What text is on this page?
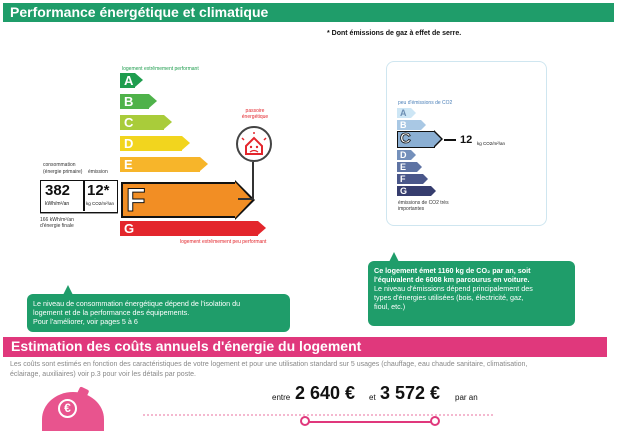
Performance énergétique et climatique
* Dont émissions de gaz à effet de serre.
logement extrêmement performant
A
B
C
D
E
F
G
logement extrêmement peu performant
consommation
(énergie primaire) émission
382
kWh/m²/an
12*
kg CO2/m²/an
166 kWh/m²/an d'énergie finale
passoire énergétique
peu d'émissions de CO2
A
B
C	12 kg CO2/m²/an
D
E
F
G
émissions de CO2 très importantes
Le niveau de consommation énergétique dépend de l'isolation du
logement et de la performance des équipements.
Pour l'améliorer, voir pages 5 à 6
Ce logement émet 1160 kg de CO₂ par an, soit
l'équivalent de 6008 km parcourus en voiture.
Le niveau d'émissions dépend principalement des
types d'énergies utilisées (bois, électricité, gaz,
fioul, etc.)
Estimation des coûts annuels d'énergie du logement
Les coûts sont estimés en fonction des caractéristiques de votre logement et pour une utilisation standard sur 5 usages (chauffage, eau chaude sanitaire, climatisation,
éclairage, auxiliaires) voir p.3 pour voir les détails par poste.
€
entre 2 640 € et 3 572 € par an
